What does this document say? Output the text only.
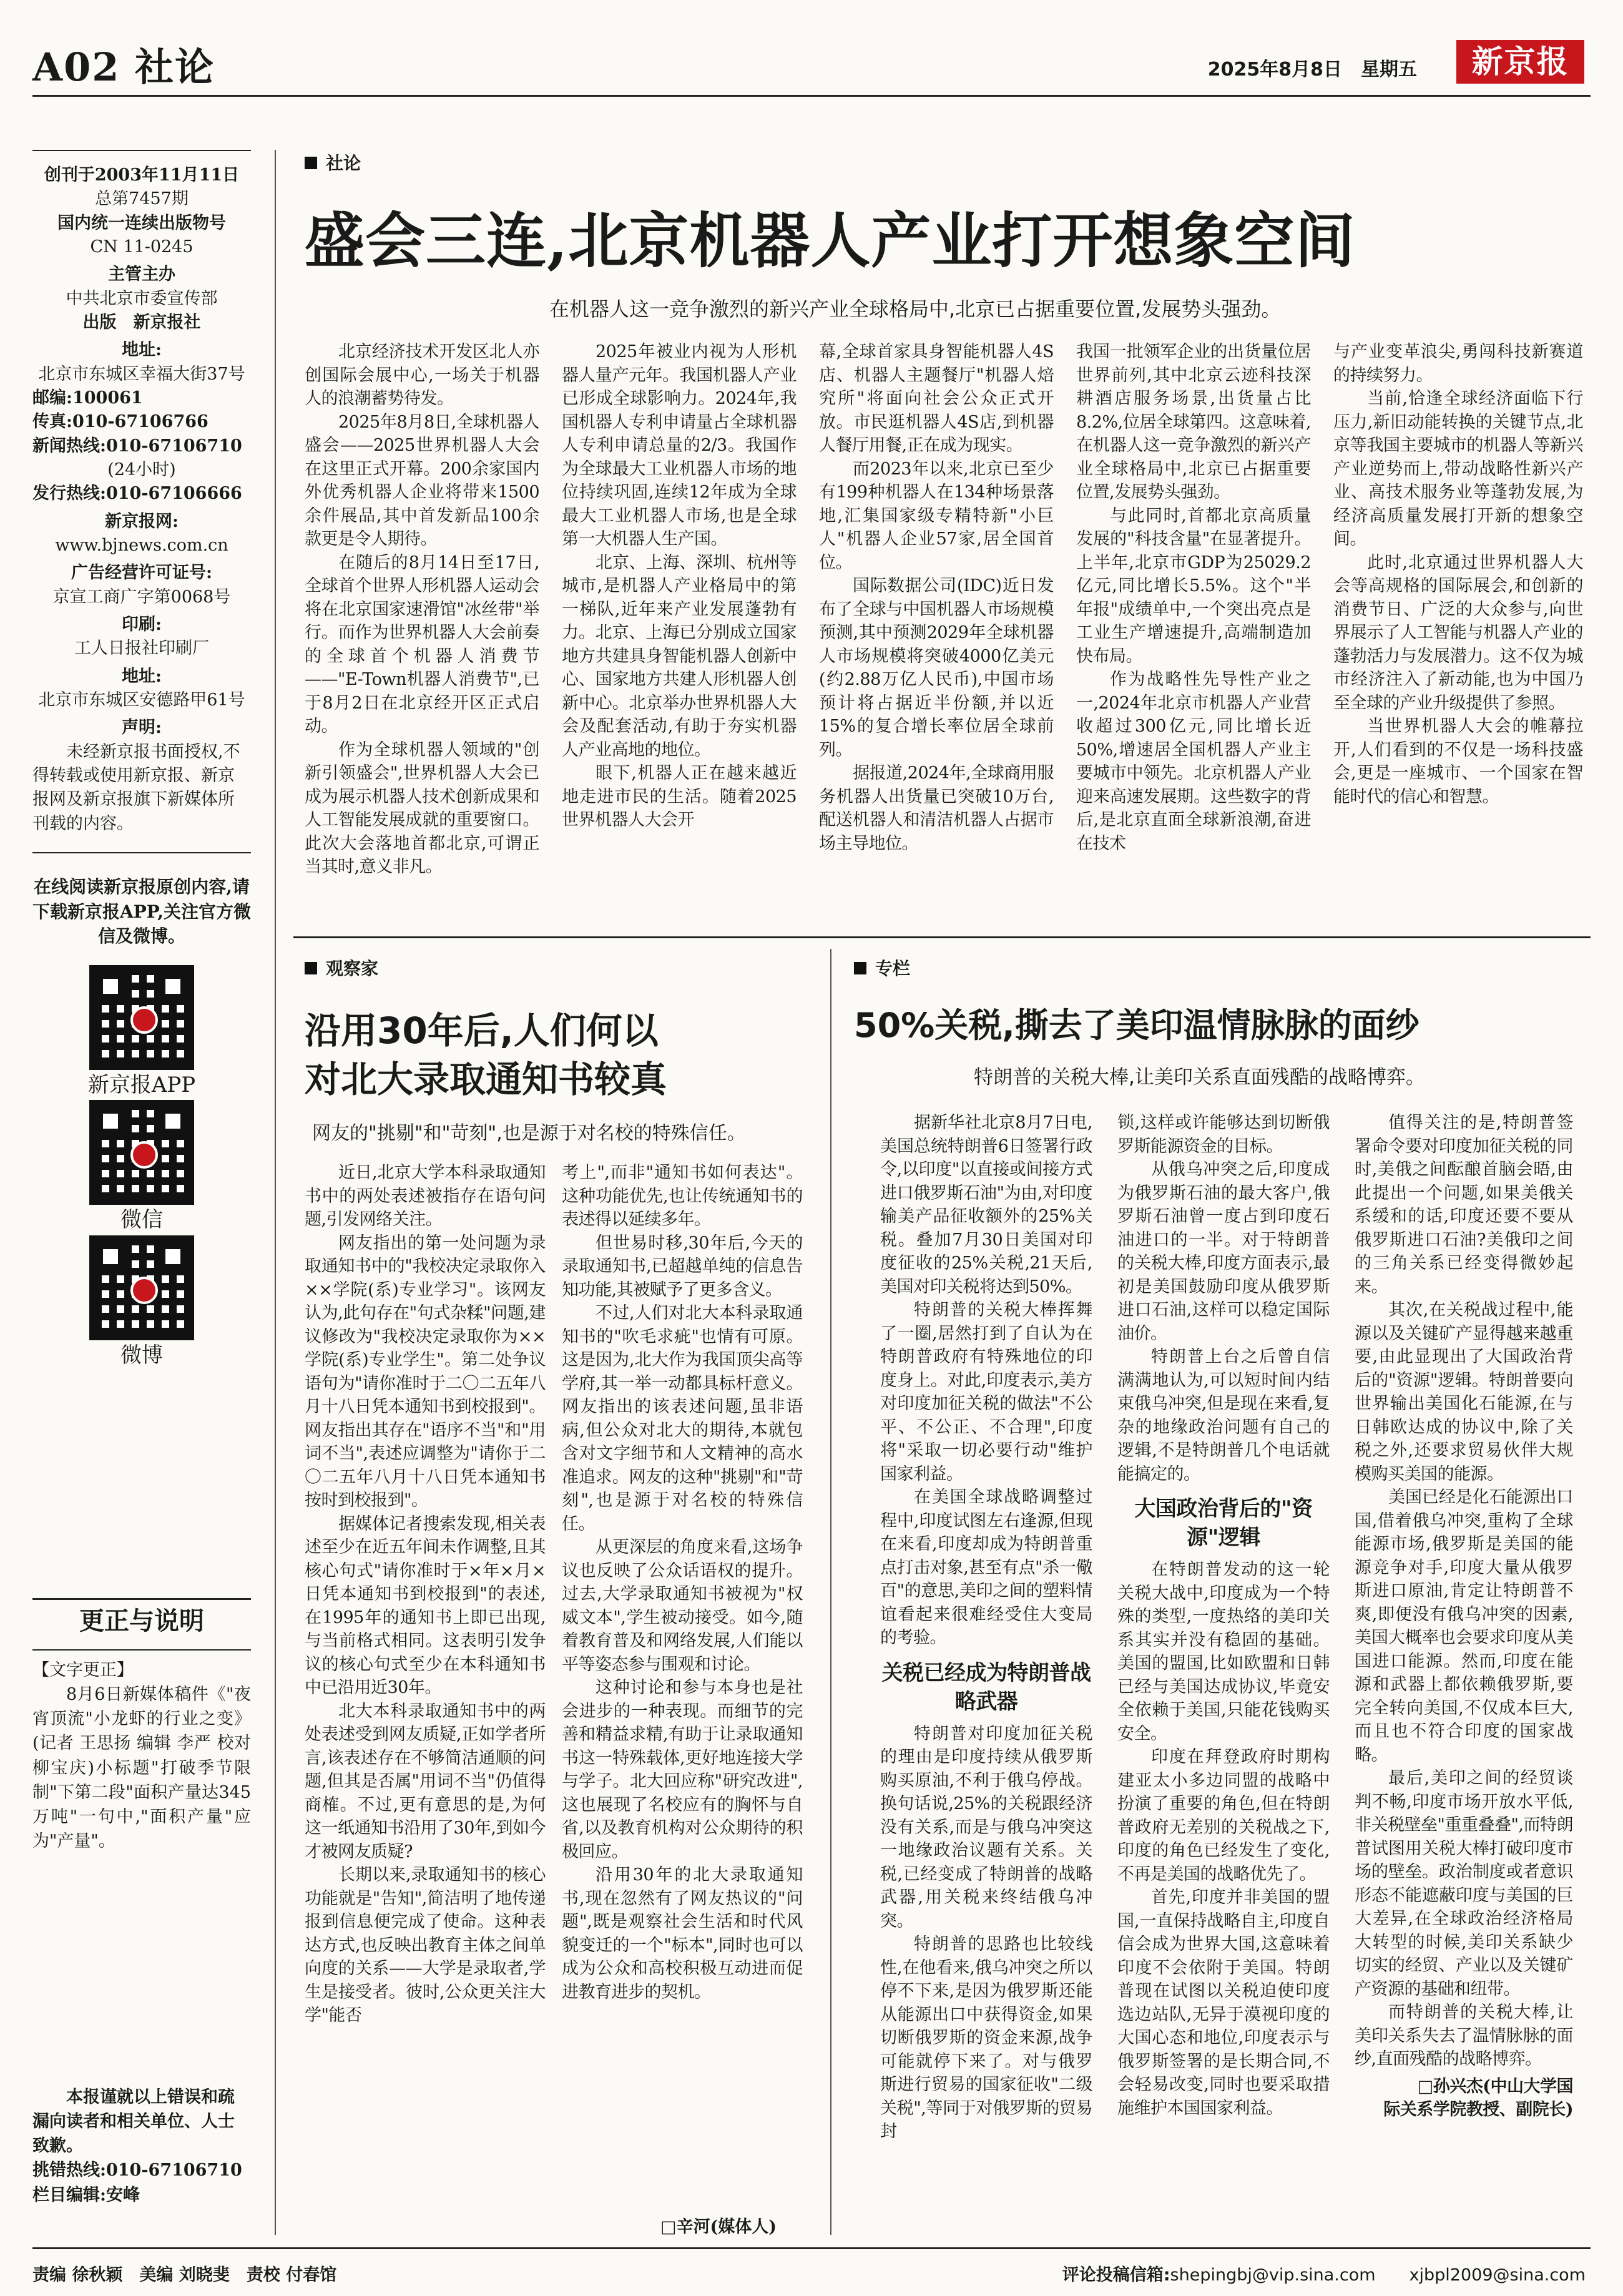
A02 社论	2025年8月8日　星期五	新京报

创刊于2003年11月11日

总第7457期

国内统一连续出版物号

CN 11-0245

主管主办

中共北京市委宣传部

出版　新京报社

地址:

北京市东城区幸福大街37号

邮编:100061

传真:010-67106766

新闻热线:010-67106710

(24小时)

发行热线:010-67106666

新京报网:

www.bjnews.com.cn

广告经营许可证号:

京宣工商广字第0068号

印刷:

工人日报社印刷厂

地址:

北京市东城区安德路甲61号

声明:

未经新京报书面授权,不得转载或使用新京报、新京报网及新京报旗下新媒体所刊载的内容。

在线阅读新京报原创内容,请下载新京报APP,关注官方微信及微博。

新京报APP

微信

微博

更正与说明
【文字更正】
8月6日新媒体稿件《"夜宵顶流"小龙虾的行业之变》(记者 王思扬 编辑 李严 校对 柳宝庆)小标题"打破季节限制"下第二段"面积产量达345万吨"一句中,"面积产量"应为"产量"。
本报谨就以上错误和疏漏向读者和相关单位、人士致歉。
挑错热线:010-67106710
栏目编辑:安峰
社论
盛会三连,北京机器人产业打开想象空间
在机器人这一竞争激烈的新兴产业全球格局中,北京已占据重要位置,发展势头强劲。

北京经济技术开发区北人亦创国际会展中心,一场关于机器人的浪潮蓄势待发。

2025年8月8日,全球机器人盛会——2025世界机器人大会在这里正式开幕。200余家国内外优秀机器人企业将带来1500余件展品,其中首发新品100余款更是令人期待。

在随后的8月14日至17日,全球首个世界人形机器人运动会将在北京国家速滑馆"冰丝带"举行。而作为世界机器人大会前奏的全球首个机器人消费节——"E-Town机器人消费节",已于8月2日在北京经开区正式启动。

作为全球机器人领域的"创新引领盛会",世界机器人大会已成为展示机器人技术创新成果和人工智能发展成就的重要窗口。此次大会落地首都北京,可谓正当其时,意义非凡。

2025年被业内视为人形机器人量产元年。我国机器人产业已形成全球影响力。2024年,我国机器人专利申请量占全球机器人专利申请总量的2/3。我国作为全球最大工业机器人市场的地位持续巩固,连续12年成为全球最大工业机器人市场,也是全球第一大机器人生产国。

北京、上海、深圳、杭州等城市,是机器人产业格局中的第一梯队,近年来产业发展蓬勃有力。北京、上海已分别成立国家地方共建具身智能机器人创新中心、国家地方共建人形机器人创新中心。北京举办世界机器人大会及配套活动,有助于夯实机器人产业高地的地位。

眼下,机器人正在越来越近地走进市民的生活。随着2025世界机器人大会开

幕,全球首家具身智能机器人4S店、机器人主题餐厅"机器人焙究所"将面向社会公众正式开放。市民逛机器人4S店,到机器人餐厅用餐,正在成为现实。

而2023年以来,北京已至少有199种机器人在134种场景落地,汇集国家级专精特新"小巨人"机器人企业57家,居全国首位。

国际数据公司(IDC)近日发布了全球与中国机器人市场规模预测,其中预测2029年全球机器人市场规模将突破4000亿美元(约2.88万亿人民币),中国市场预计将占据近半份额,并以近15%的复合增长率位居全球前列。

据报道,2024年,全球商用服务机器人出货量已突破10万台,配送机器人和清洁机器人占据市场主导地位。

我国一批领军企业的出货量位居世界前列,其中北京云迹科技深耕酒店服务场景,出货量占比8.2%,位居全球第四。这意味着,在机器人这一竞争激烈的新兴产业全球格局中,北京已占据重要位置,发展势头强劲。

与此同时,首都北京高质量发展的"科技含量"在显著提升。上半年,北京市GDP为25029.2亿元,同比增长5.5%。这个"半年报"成绩单中,一个突出亮点是工业生产增速提升,高端制造加快布局。

作为战略性先导性产业之一,2024年北京市机器人产业营收超过300亿元,同比增长近50%,增速居全国机器人产业主要城市中领先。北京机器人产业迎来高速发展期。这些数字的背后,是北京直面全球新浪潮,奋进在技术

与产业变革浪尖,勇闯科技新赛道的持续努力。

当前,恰逢全球经济面临下行压力,新旧动能转换的关键节点,北京等我国主要城市的机器人等新兴产业逆势而上,带动战略性新兴产业、高技术服务业等蓬勃发展,为经济高质量发展打开新的想象空间。

此时,北京通过世界机器人大会等高规格的国际展会,和创新的消费节日、广泛的大众参与,向世界展示了人工智能与机器人产业的蓬勃活力与发展潜力。这不仅为城市经济注入了新动能,也为中国乃至全球的产业升级提供了参照。

当世界机器人大会的帷幕拉开,人们看到的不仅是一场科技盛会,更是一座城市、一个国家在智能时代的信心和智慧。

观察家
沿用30年后,人们何以
对北大录取通知书较真
网友的"挑剔"和"苛刻",也是源于对名校的特殊信任。

近日,北京大学本科录取通知书中的两处表述被指存在语句问题,引发网络关注。

网友指出的第一处问题为录取通知书中的"我校决定录取你入××学院(系)专业学习"。该网友认为,此句存在"句式杂糅"问题,建议修改为"我校决定录取你为××学院(系)专业学生"。第二处争议语句为"请你准时于二〇二五年八月十八日凭本通知书到校报到"。网友指出其存在"语序不当"和"用词不当",表述应调整为"请你于二〇二五年八月十八日凭本通知书按时到校报到"。

据媒体记者搜索发现,相关表述至少在近五年间未作调整,且其核心句式"请你准时于×年×月×日凭本通知书到校报到"的表述,在1995年的通知书上即已出现,与当前格式相同。这表明引发争议的核心句式至少在本科通知书中已沿用近30年。

北大本科录取通知书中的两处表述受到网友质疑,正如学者所言,该表述存在不够简洁通顺的问题,但其是否属"用词不当"仍值得商榷。不过,更有意思的是,为何这一纸通知书沿用了30年,到如今才被网友质疑?

长期以来,录取通知书的核心功能就是"告知",简洁明了地传递报到信息便完成了使命。这种表达方式,也反映出教育主体之间单向度的关系——大学是录取者,学生是接受者。彼时,公众更关注大学"能否

考上",而非"通知书如何表达"。这种功能优先,也让传统通知书的表述得以延续多年。

但世易时移,30年后,今天的录取通知书,已超越单纯的信息告知功能,其被赋予了更多含义。

不过,人们对北大本科录取通知书的"吹毛求疵"也情有可原。这是因为,北大作为我国顶尖高等学府,其一举一动都具标杆意义。网友指出的该表述问题,虽非语病,但公众对北大的期待,本就包含对文字细节和人文精神的高水准追求。网友的这种"挑剔"和"苛刻",也是源于对名校的特殊信任。

从更深层的角度来看,这场争议也反映了公众话语权的提升。过去,大学录取通知书被视为"权威文本",学生被动接受。如今,随着教育普及和网络发展,人们能以平等姿态参与围观和讨论。

这种讨论和参与本身也是社会进步的一种表现。而细节的完善和精益求精,有助于让录取通知书这一特殊载体,更好地连接大学与学子。北大回应称"研究改进",这也展现了名校应有的胸怀与自省,以及教育机构对公众期待的积极回应。

沿用30年的北大录取通知书,现在忽然有了网友热议的"问题",既是观察社会生活和时代风貌变迁的一个"标本",同时也可以成为公众和高校积极互动进而促进教育进步的契机。

□辛河(媒体人)
专栏
50%关税,撕去了美印温情脉脉的面纱
特朗普的关税大棒,让美印关系直面残酷的战略博弈。

据新华社北京8月7日电,美国总统特朗普6日签署行政令,以印度"以直接或间接方式进口俄罗斯石油"为由,对印度输美产品征收额外的25%关税。叠加7月30日美国对印度征收的25%关税,21天后,美国对印关税将达到50%。

特朗普的关税大棒挥舞了一圈,居然打到了自认为在特朗普政府有特殊地位的印度身上。对此,印度表示,美方对印度加征关税的做法"不公平、不公正、不合理",印度将"采取一切必要行动"维护国家利益。

在美国全球战略调整过程中,印度试图左右逢源,但现在来看,印度却成为特朗普重点打击对象,甚至有点"杀一儆百"的意思,美印之间的塑料情谊看起来很难经受住大变局的考验。

关税已经成为特朗普战略武器

特朗普对印度加征关税的理由是印度持续从俄罗斯购买原油,不利于俄乌停战。换句话说,25%的关税跟经济没有关系,而是与俄乌冲突这一地缘政治议题有关系。关税,已经变成了特朗普的战略武器,用关税来终结俄乌冲突。

特朗普的思路也比较线性,在他看来,俄乌冲突之所以停不下来,是因为俄罗斯还能从能源出口中获得资金,如果切断俄罗斯的资金来源,战争可能就停下来了。对与俄罗斯进行贸易的国家征收"二级关税",等同于对俄罗斯的贸易封

锁,这样或许能够达到切断俄罗斯能源资金的目标。

从俄乌冲突之后,印度成为俄罗斯石油的最大客户,俄罗斯石油曾一度占到印度石油进口的一半。对于特朗普的关税大棒,印度方面表示,最初是美国鼓励印度从俄罗斯进口石油,这样可以稳定国际油价。

特朗普上台之后曾自信满满地认为,可以短时间内结束俄乌冲突,但是现在来看,复杂的地缘政治问题有自己的逻辑,不是特朗普几个电话就能搞定的。

大国政治背后的"资源"逻辑

在特朗普发动的这一轮关税大战中,印度成为一个特殊的类型,一度热络的美印关系其实并没有稳固的基础。美国的盟国,比如欧盟和日韩已经与美国达成协议,毕竟安全依赖于美国,只能花钱购买安全。

印度在拜登政府时期构建亚太小多边同盟的战略中扮演了重要的角色,但在特朗普政府无差别的关税战之下,印度的角色已经发生了变化,不再是美国的战略优先了。

首先,印度并非美国的盟国,一直保持战略自主,印度自信会成为世界大国,这意味着印度不会依附于美国。特朗普现在试图以关税迫使印度选边站队,无异于漠视印度的大国心态和地位,印度表示与俄罗斯签署的是长期合同,不会轻易改变,同时也要采取措施维护本国国家利益。

值得关注的是,特朗普签署命令要对印度加征关税的同时,美俄之间酝酿首脑会晤,由此提出一个问题,如果美俄关系缓和的话,印度还要不要从俄罗斯进口石油?美俄印之间的三角关系已经变得微妙起来。

其次,在关税战过程中,能源以及关键矿产显得越来越重要,由此显现出了大国政治背后的"资源"逻辑。特朗普要向世界输出美国化石能源,在与日韩欧达成的协议中,除了关税之外,还要求贸易伙伴大规模购买美国的能源。

美国已经是化石能源出口国,借着俄乌冲突,重构了全球能源市场,俄罗斯是美国的能源竞争对手,印度大量从俄罗斯进口原油,肯定让特朗普不爽,即便没有俄乌冲突的因素,美国大概率也会要求印度从美国进口能源。然而,印度在能源和武器上都依赖俄罗斯,要完全转向美国,不仅成本巨大,而且也不符合印度的国家战略。

最后,美印之间的经贸谈判不畅,印度市场开放水平低,非关税壁垒"重重叠叠",而特朗普试图用关税大棒打破印度市场的壁垒。政治制度或者意识形态不能遮蔽印度与美国的巨大差异,在全球政治经济格局大转型的时候,美印关系缺少切实的经贸、产业以及关键矿产资源的基础和纽带。

而特朗普的关税大棒,让美印关系失去了温情脉脉的面纱,直面残酷的战略博弈。

□孙兴杰(中山大学国
际关系学院教授、副院长)
责编 徐秋颖　美编 刘晓斐　责校 付春馆	评论投稿信箱:shepingbj@vip.sina.com　　 xjbpl2009@sina.com
